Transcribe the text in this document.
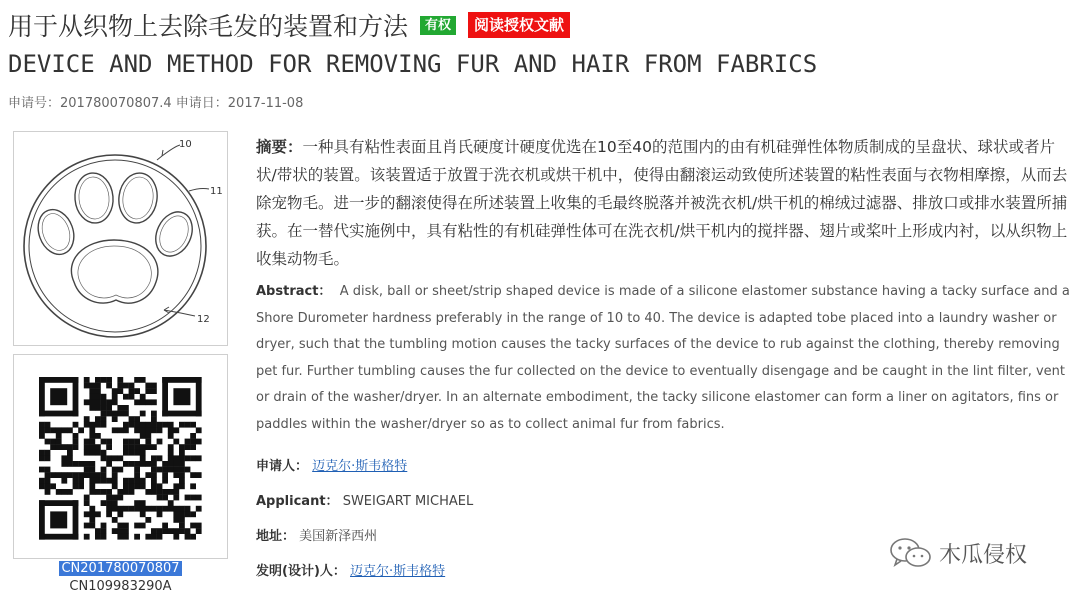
用于从织物上去除毛发的装置和方法	有权	阅读授权文献
DEVICE AND METHOD FOR REMOVING FUR AND HAIR FROM FABRICS
申请号：201780070807.4 申请日：2017-11-08
10
11
12
CN201780070807
CN109983290A
摘要：一种具有粘性表面且肖氏硬度计硬度优选在10至40的范围内的由有机硅弹性体物质制成的呈盘状、球状或者片状/带状的装置。该装置适于放置于洗衣机或烘干机中，使得由翻滚运动致使所述装置的粘性表面与衣物相摩擦，从而去除宠物毛。进一步的翻滚使得在所述装置上收集的毛最终脱落并被洗衣机/烘干机的棉绒过滤器、排放口或排水装置所捕获。在一替代实施例中，具有粘性的有机硅弹性体可在洗衣机/烘干机内的搅拌器、翅片或桨叶上形成内衬，以从织物上收集动物毛。
Abstract： A disk, ball or sheet/strip shaped device is made of a silicone elastomer substance having a tacky surface and a Shore Durometer hardness preferably in the range of 10 to 40. The device is adapted tobe placed into a laundry washer or dryer, such that the tumbling motion causes the tacky surfaces of the device to rub against the clothing, thereby removing pet fur. Further tumbling causes the fur collected on the device to eventually disengage and be caught in the lint filter, vent or drain of the washer/dryer. In an alternate embodiment, the tacky silicone elastomer can form a liner on agitators, fins or paddles within the washer/dryer so as to collect animal fur from fabrics.
申请人： 迈克尔·斯韦格特
Applicant： SWEIGART MICHAEL
地址： 美国新泽西州
发明(设计)人： 迈克尔·斯韦格特
木瓜侵权
